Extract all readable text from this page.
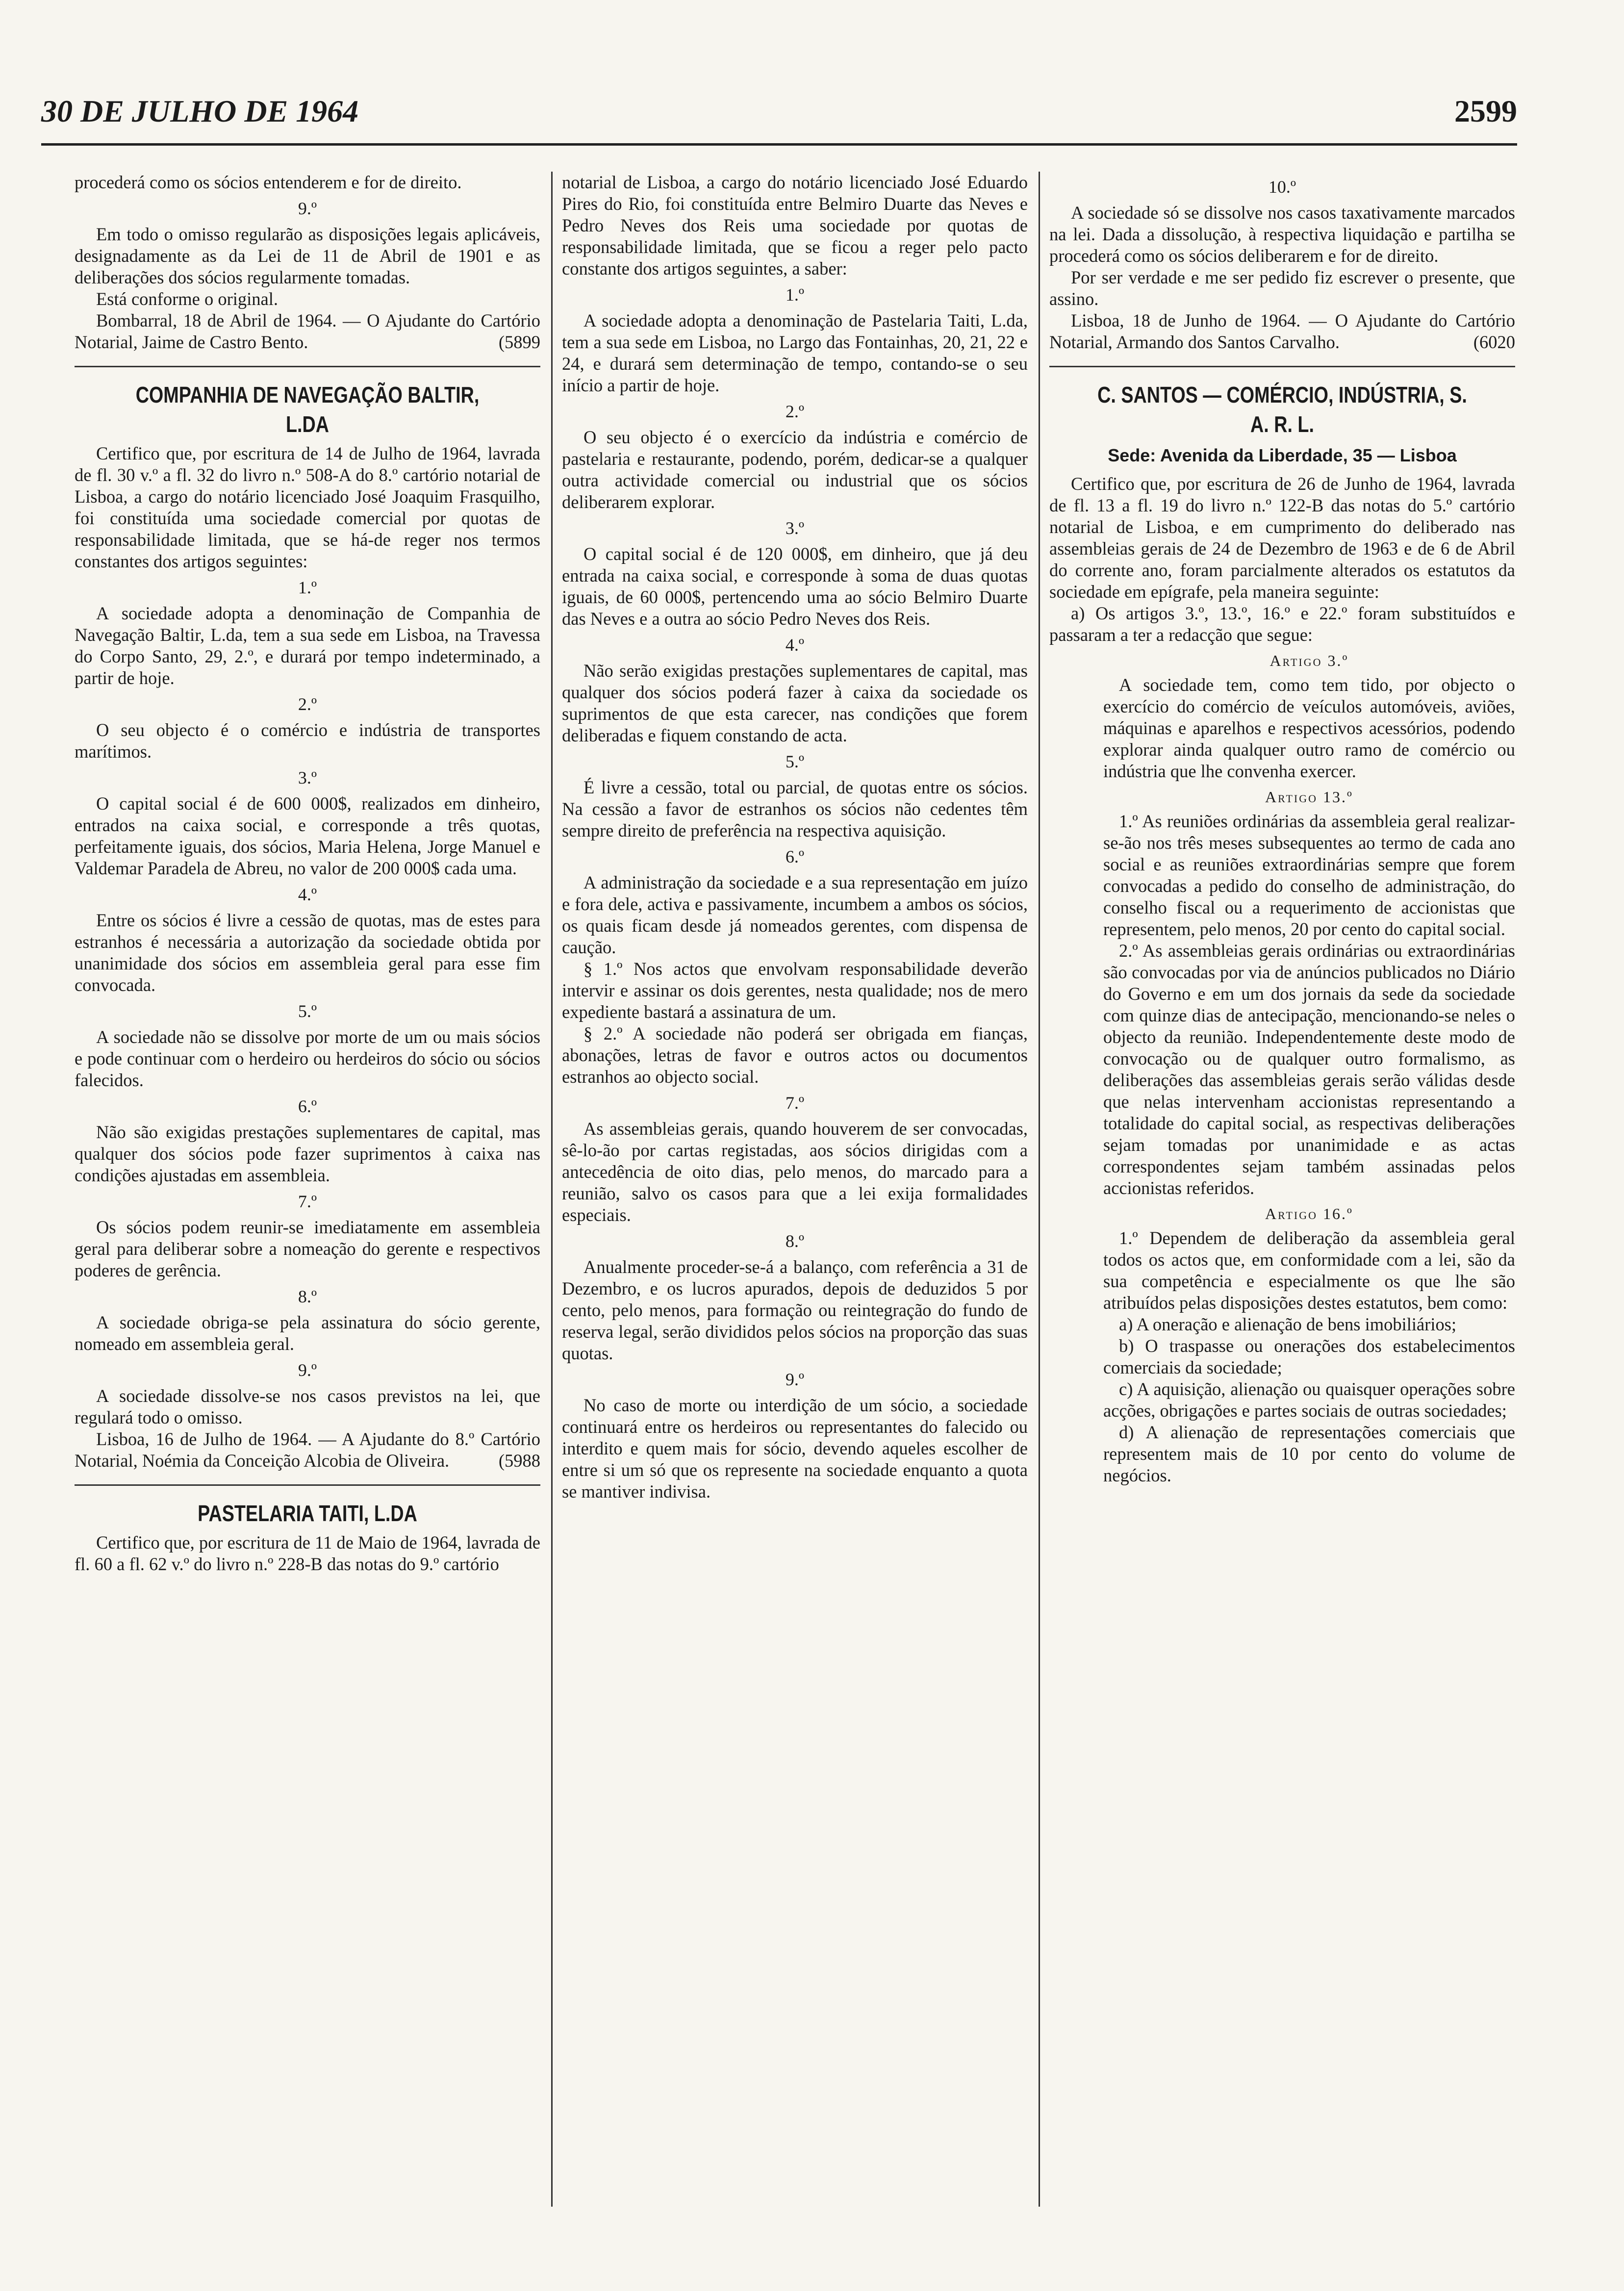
30 DE JULHO DE 1964	2599

procederá como os sócios entenderem e for de direito.

9.º

Em todo o omisso regularão as disposições legais aplicáveis, designadamente as da Lei de 11 de Abril de 1901 e as deliberações dos sócios regularmente tomadas.

Está conforme o original.

Bombarral, 18 de Abril de 1964. — O Ajudante do Cartório Notarial, Jaime de Castro Bento.	(5899

COMPANHIA DE NAVEGAÇÃO BALTIR, L.DA

Certifico que, por escritura de 14 de Julho de 1964, lavrada de fl. 30 v.º a fl. 32 do livro n.º 508-A do 8.º cartório notarial de Lisboa, a cargo do notário licenciado José Joaquim Frasquilho, foi constituída uma sociedade comercial por quotas de responsabilidade limitada, que se há-de reger nos termos constantes dos artigos seguintes:

1.º

A sociedade adopta a denominação de Companhia de Navegação Baltir, L.da, tem a sua sede em Lisboa, na Travessa do Corpo Santo, 29, 2.º, e durará por tempo indeterminado, a partir de hoje.

2.º

O seu objecto é o comércio e indústria de transportes marítimos.

3.º

O capital social é de 600 000$, realizados em dinheiro, entrados na caixa social, e corresponde a três quotas, perfeitamente iguais, dos sócios, Maria Helena, Jorge Manuel e Valdemar Paradela de Abreu, no valor de 200 000$ cada uma.

4.º

Entre os sócios é livre a cessão de quotas, mas de estes para estranhos é necessária a autorização da sociedade obtida por unanimidade dos sócios em assembleia geral para esse fim convocada.

5.º

A sociedade não se dissolve por morte de um ou mais sócios e pode continuar com o herdeiro ou herdeiros do sócio ou sócios falecidos.

6.º

Não são exigidas prestações suplementares de capital, mas qualquer dos sócios pode fazer suprimentos à caixa nas condições ajustadas em assembleia.

7.º

Os sócios podem reunir-se imediatamente em assembleia geral para deliberar sobre a nomeação do gerente e respectivos poderes de gerência.

8.º

A sociedade obriga-se pela assinatura do sócio gerente, nomeado em assembleia geral.

9.º

A sociedade dissolve-se nos casos previstos na lei, que regulará todo o omisso.

Lisboa, 16 de Julho de 1964. — A Ajudante do 8.º Cartório Notarial, Noémia da Conceição Alcobia de Oliveira.	(5988

PASTELARIA TAITI, L.DA

Certifico que, por escritura de 11 de Maio de 1964, lavrada de fl. 60 a fl. 62 v.º do livro n.º 228-B das notas do 9.º cartório

notarial de Lisboa, a cargo do notário licenciado José Eduardo Pires do Rio, foi constituída entre Belmiro Duarte das Neves e Pedro Neves dos Reis uma sociedade por quotas de responsabilidade limitada, que se ficou a reger pelo pacto constante dos artigos seguintes, a saber:

1.º

A sociedade adopta a denominação de Pastelaria Taiti, L.da, tem a sua sede em Lisboa, no Largo das Fontainhas, 20, 21, 22 e 24, e durará sem determinação de tempo, contando-se o seu início a partir de hoje.

2.º

O seu objecto é o exercício da indústria e comércio de pastelaria e restaurante, podendo, porém, dedicar-se a qualquer outra actividade comercial ou industrial que os sócios deliberarem explorar.

3.º

O capital social é de 120 000$, em dinheiro, que já deu entrada na caixa social, e corresponde à soma de duas quotas iguais, de 60 000$, pertencendo uma ao sócio Belmiro Duarte das Neves e a outra ao sócio Pedro Neves dos Reis.

4.º

Não serão exigidas prestações suplementares de capital, mas qualquer dos sócios poderá fazer à caixa da sociedade os suprimentos de que esta carecer, nas condições que forem deliberadas e fiquem constando de acta.

5.º

É livre a cessão, total ou parcial, de quotas entre os sócios. Na cessão a favor de estranhos os sócios não cedentes têm sempre direito de preferência na respectiva aquisição.

6.º

A administração da sociedade e a sua representação em juízo e fora dele, activa e passivamente, incumbem a ambos os sócios, os quais ficam desde já nomeados gerentes, com dispensa de caução.

§ 1.º Nos actos que envolvam responsabilidade deverão intervir e assinar os dois gerentes, nesta qualidade; nos de mero expediente bastará a assinatura de um.

§ 2.º A sociedade não poderá ser obrigada em fianças, abonações, letras de favor e outros actos ou documentos estranhos ao objecto social.

7.º

As assembleias gerais, quando houverem de ser convocadas, sê-lo-ão por cartas registadas, aos sócios dirigidas com a antecedência de oito dias, pelo menos, do marcado para a reunião, salvo os casos para que a lei exija formalidades especiais.

8.º

Anualmente proceder-se-á a balanço, com referência a 31 de Dezembro, e os lucros apurados, depois de deduzidos 5 por cento, pelo menos, para formação ou reintegração do fundo de reserva legal, serão divididos pelos sócios na proporção das suas quotas.

9.º

No caso de morte ou interdição de um sócio, a sociedade continuará entre os herdeiros ou representantes do falecido ou interdito e quem mais for sócio, devendo aqueles escolher de entre si um só que os represente na sociedade enquanto a quota se mantiver indivisa.

10.º

A sociedade só se dissolve nos casos taxativamente marcados na lei. Dada a dissolução, à respectiva liquidação e partilha se procederá como os sócios deliberarem e for de direito.

Por ser verdade e me ser pedido fiz escrever o presente, que assino.

Lisboa, 18 de Junho de 1964. — O Ajudante do Cartório Notarial, Armando dos Santos Carvalho.	(6020

C. SANTOS — COMÉRCIO, INDÚSTRIA, S. A. R. L.
Sede: Avenida da Liberdade, 35 — Lisboa

Certifico que, por escritura de 26 de Junho de 1964, lavrada de fl. 13 a fl. 19 do livro n.º 122-B das notas do 5.º cartório notarial de Lisboa, e em cumprimento do deliberado nas assembleias gerais de 24 de Dezembro de 1963 e de 6 de Abril do corrente ano, foram parcialmente alterados os estatutos da sociedade em epígrafe, pela maneira seguinte:

a) Os artigos 3.º, 13.º, 16.º e 22.º foram substituídos e passaram a ter a redacção que segue:

Artigo 3.º

A sociedade tem, como tem tido, por objecto o exercício do comércio de veículos automóveis, aviões, máquinas e aparelhos e respectivos acessórios, podendo explorar ainda qualquer outro ramo de comércio ou indústria que lhe convenha exercer.

Artigo 13.º

1.º As reuniões ordinárias da assembleia geral realizar-se-ão nos três meses subsequentes ao termo de cada ano social e as reuniões extraordinárias sempre que forem convocadas a pedido do conselho de administração, do conselho fiscal ou a requerimento de accionistas que representem, pelo menos, 20 por cento do capital social.

2.º As assembleias gerais ordinárias ou extraordinárias são convocadas por via de anúncios publicados no Diário do Governo e em um dos jornais da sede da sociedade com quinze dias de antecipação, mencionando-se neles o objecto da reunião. Independentemente deste modo de convocação ou de qualquer outro formalismo, as deliberações das assembleias gerais serão válidas desde que nelas intervenham accionistas representando a totalidade do capital social, as respectivas deliberações sejam tomadas por unanimidade e as actas correspondentes sejam também assinadas pelos accionistas referidos.

Artigo 16.º

1.º Dependem de deliberação da assembleia geral todos os actos que, em conformidade com a lei, são da sua competência e especialmente os que lhe são atribuídos pelas disposições destes estatutos, bem como:

a) A oneração e alienação de bens imobiliários;

b) O traspasse ou onerações dos estabelecimentos comerciais da sociedade;

c) A aquisição, alienação ou quaisquer operações sobre acções, obrigações e partes sociais de outras sociedades;

d) A alienação de representações comerciais que representem mais de 10 por cento do volume de negócios.
